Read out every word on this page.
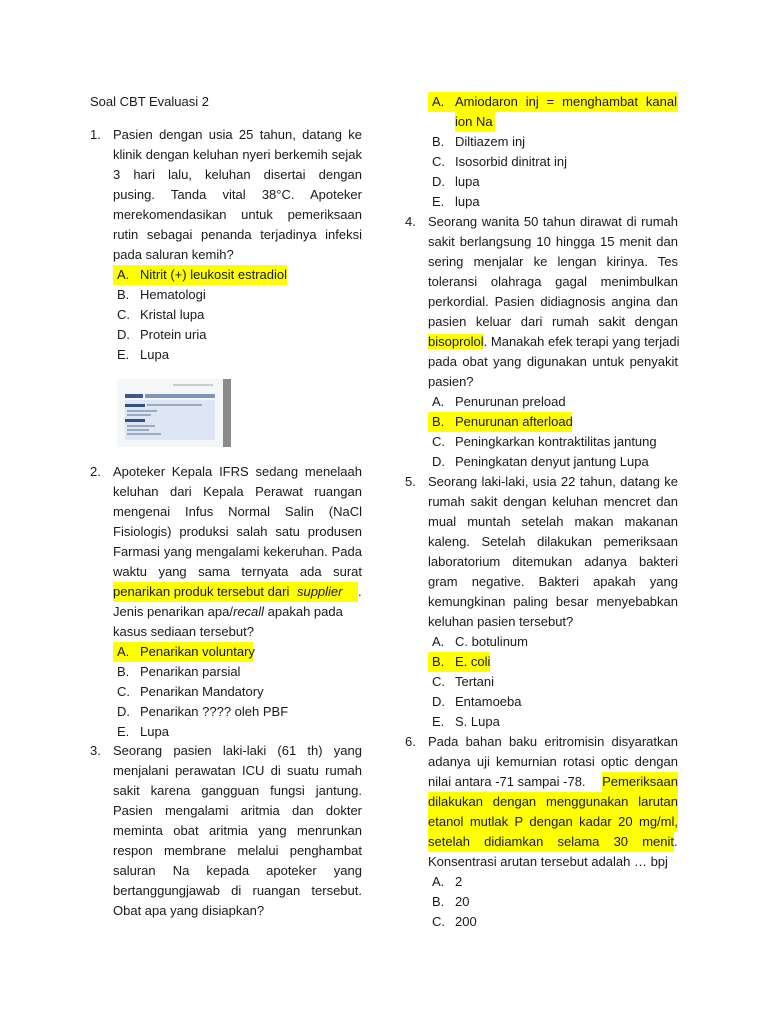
Soal CBT Evaluasi 2
1. Pasien dengan usia 25 tahun, datang ke
klinik dengan keluhan nyeri berkemih sejak
3 hari lalu, keluhan disertai dengan
pusing. Tanda vital 38°C. Apoteker
merekomendasikan untuk pemeriksaan
rutin sebagai penanda terjadinya infeksi
pada saluran kemih?
A. Nitrit (+) leukosit estradiol
B. Hematologi
C. Kristal lupa
D. Protein uria
E. Lupa
2. Apoteker Kepala IFRS sedang menelaah
keluhan dari Kepala Perawat ruangan
mengenai Infus Normal Salin (NaCl
Fisiologis) produksi salah satu produsen
Farmasi yang mengalami kekeruhan. Pada
waktu yang sama ternyata ada surat
penarikan produk tersebut dari supplier	.
Jenis penarikan apa/recall apakah pada
kasus sediaan tersebut?
A. Penarikan voluntary
B. Penarikan parsial
C. Penarikan Mandatory
D. Penarikan ???? oleh PBF
E. Lupa
3. Seorang pasien laki-laki (61 th) yang
menjalani perawatan ICU di suatu rumah
sakit karena gangguan fungsi jantung.
Pasien mengalami aritmia dan dokter
meminta obat aritmia yang menrunkan
respon membrane melalui penghambat
saluran Na kepada apoteker yang
bertanggungjawab di ruangan tersebut.
Obat apa yang disiapkan?
A. Amiodaron inj = menghambat kanal
ion Na
B. Diltiazem inj
C. Isosorbid dinitrat inj
D. lupa
E. lupa
4. Seorang wanita 50 tahun dirawat di rumah
sakit berlangsung 10 hingga 15 menit dan
sering menjalar ke lengan kirinya. Tes
toleransi olahraga gagal menimbulkan
perkordial. Pasien didiagnosis angina dan
pasien keluar dari rumah sakit dengan
bisoprolol. Manakah efek terapi yang terjadi
pada obat yang digunakan untuk penyakit
pasien?
A. Penurunan preload
B. Penurunan afterload
C. Peningkarkan kontraktilitas jantung
D. Peningkatan denyut jantung Lupa
5. Seorang laki-laki, usia 22 tahun, datang ke
rumah sakit dengan keluhan mencret dan
mual muntah setelah makan makanan
kaleng. Setelah dilakukan pemeriksaan
laboratorium ditemukan adanya bakteri
gram negative. Bakteri apakah yang
kemungkinan paling besar menyebabkan
keluhan pasien tersebut?
A. C. botulinum
B. E. coli
C. Tertani
D. Entamoeba
E. S. Lupa
6. Pada bahan baku eritromisin disyaratkan
adanya uji kemurnian rotasi optic dengan
nilai antara -71 sampai -78. Pemeriksaan
dilakukan dengan menggunakan larutan
etanol mutlak P dengan kadar 20 mg/ml,
setelah didiamkan selama 30 menit .
Konsentrasi arutan tersebut adalah … bpj
A. 2
B. 20
C. 200
